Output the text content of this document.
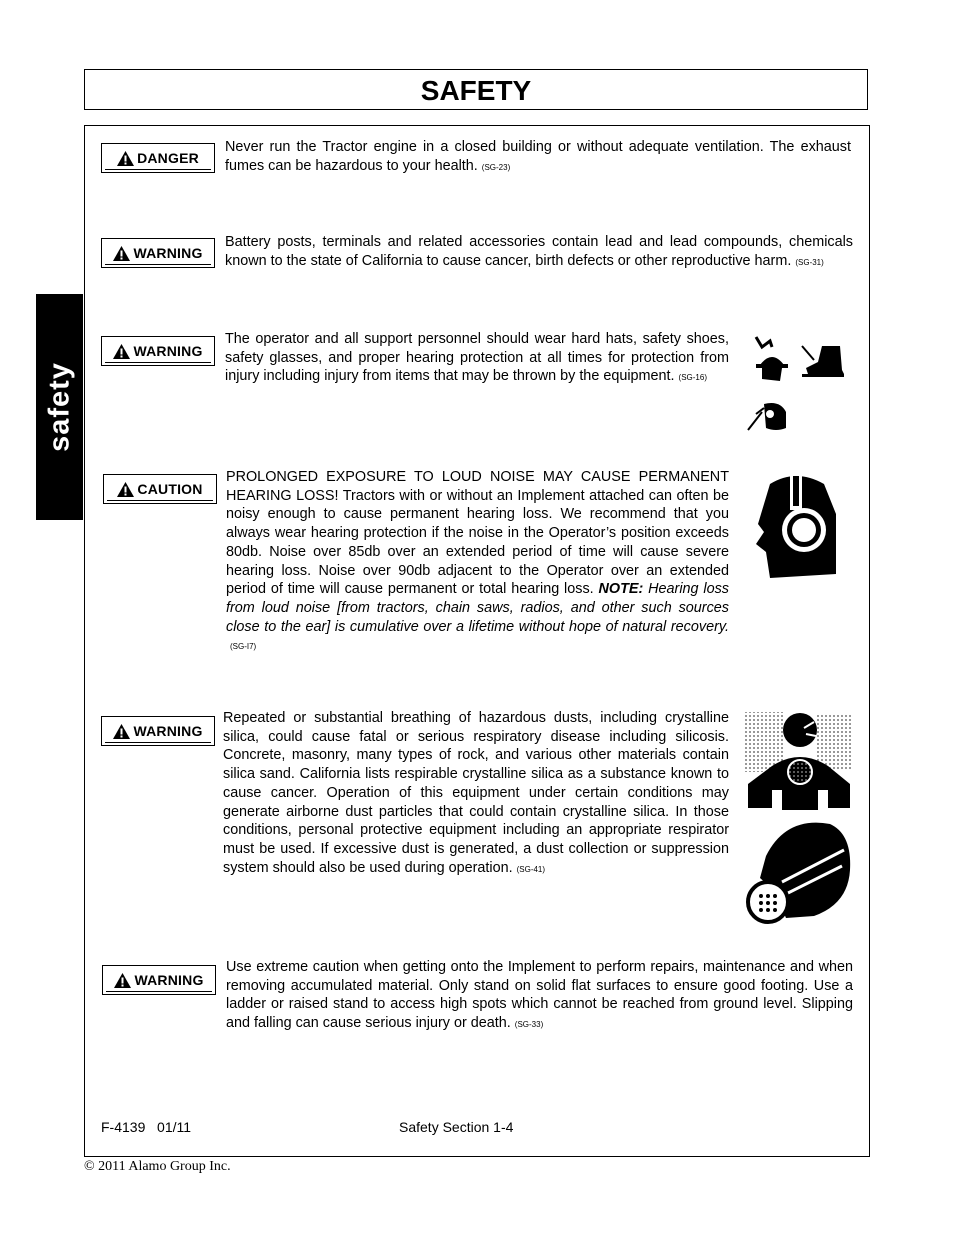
SAFETY
safety
DANGER
Never run the Tractor engine in a closed building or without adequate ventilation. The exhaust fumes can be hazardous to your health. (SG-23)
WARNING
Battery posts, terminals and related accessories contain lead and lead compounds, chemicals known to the state of California to cause cancer, birth defects or other reproductive harm. (SG-31)
WARNING
The operator and all support personnel should wear hard hats, safety shoes, safety glasses, and proper hearing protection at all times for protection from injury including injury from items that may be thrown by the equipment. (SG-16)
CAUTION
PROLONGED EXPOSURE TO LOUD NOISE MAY CAUSE PERMANENT HEARING LOSS! Tractors with or without an Implement attached can often be noisy enough to cause permanent hearing loss. We recommend that you always wear hearing protection if the noise in the Operator’s position exceeds 80db. Noise over 85db over an extended period of time will cause severe hearing loss. Noise over 90db adjacent to the Operator over an extended period of time will cause permanent or total hearing loss. NOTE: Hearing loss from loud noise [from tractors, chain saws, radios, and other such sources close to the ear] is cumulative over a lifetime without hope of natural recovery.(SG-I7)
WARNING
Repeated or substantial breathing of hazardous dusts, including crystalline silica, could cause fatal or serious respiratory disease including silicosis. Concrete, masonry, many types of rock, and various other materials contain silica sand. California lists respirable crystalline silica as a substance known to cause cancer. Operation of this equipment under certain conditions may generate airborne dust particles that could contain crystalline silica. In those conditions, personal protective equipment including an appropriate respirator must be used. If excessive dust is generated, a dust collection or suppression system should also be used during operation. (SG-41)
WARNING
Use extreme caution when getting onto the Implement to perform repairs, maintenance and when removing accumulated material. Only stand on solid flat surfaces to ensure good footing. Use a ladder or raised stand to access high spots which cannot be reached from ground level. Slipping and falling can cause serious injury or death. (SG-33)
F-4139   01/11	Safety Section 1-4
© 2011 Alamo Group Inc.
